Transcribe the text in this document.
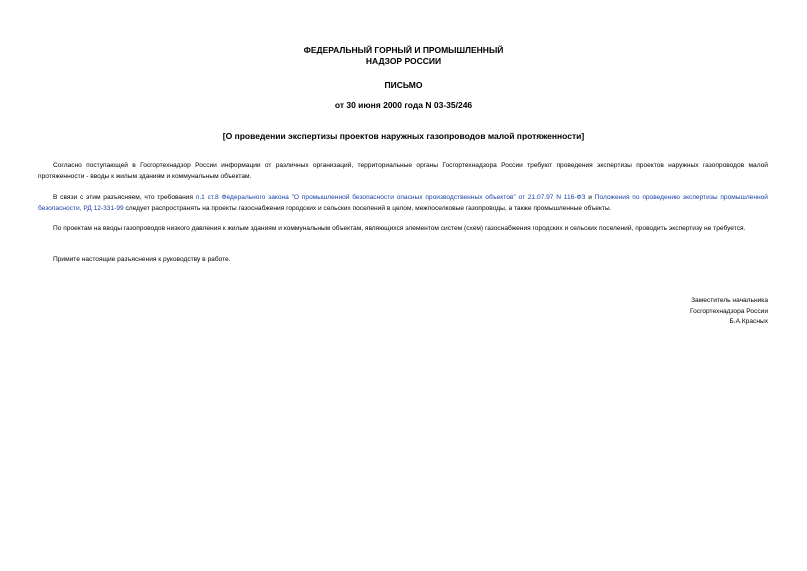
ФЕДЕРАЛЬНЫЙ ГОРНЫЙ И ПРОМЫШЛЕННЫЙ
НАДЗОР РОССИИ
ПИСЬМО
от 30 июня 2000 года N 03-35/246
[О проведении экспертизы проектов наружных газопроводов малой протяженности]
Согласно поступающей в Госгортехнадзор России информации от различных организаций, территориальные органы Госгортехнадзора России требуют проведения экспертизы проектов наружных газопроводов малой протяженности - вводы к жилым зданиям и коммунальным объектам.
В связи с этим разъясняем, что требования п.1 ст.8 Федерального закона "О промышленной безопасности опасных производственных объектов" от 21.07.97 N 116-ФЗ и Положения по проведению экспертизы промышленной безопасности, РД 12-331-99 следует распространять на проекты газоснабжения городских и сельских поселений в целом, межпоселковые газопроводы, а также промышленные объекты.
По проектам на вводы газопроводов низкого давления к жилым зданиям и коммунальным объектам, являющихся элементом систем (схем) газоснабжения городских и сельских поселений, проводить экспертизу не требуется.
Примите настоящие разъяснения к руководству в работе.
Заместитель начальника
Госгортехнадзора России
Б.А.Красных
